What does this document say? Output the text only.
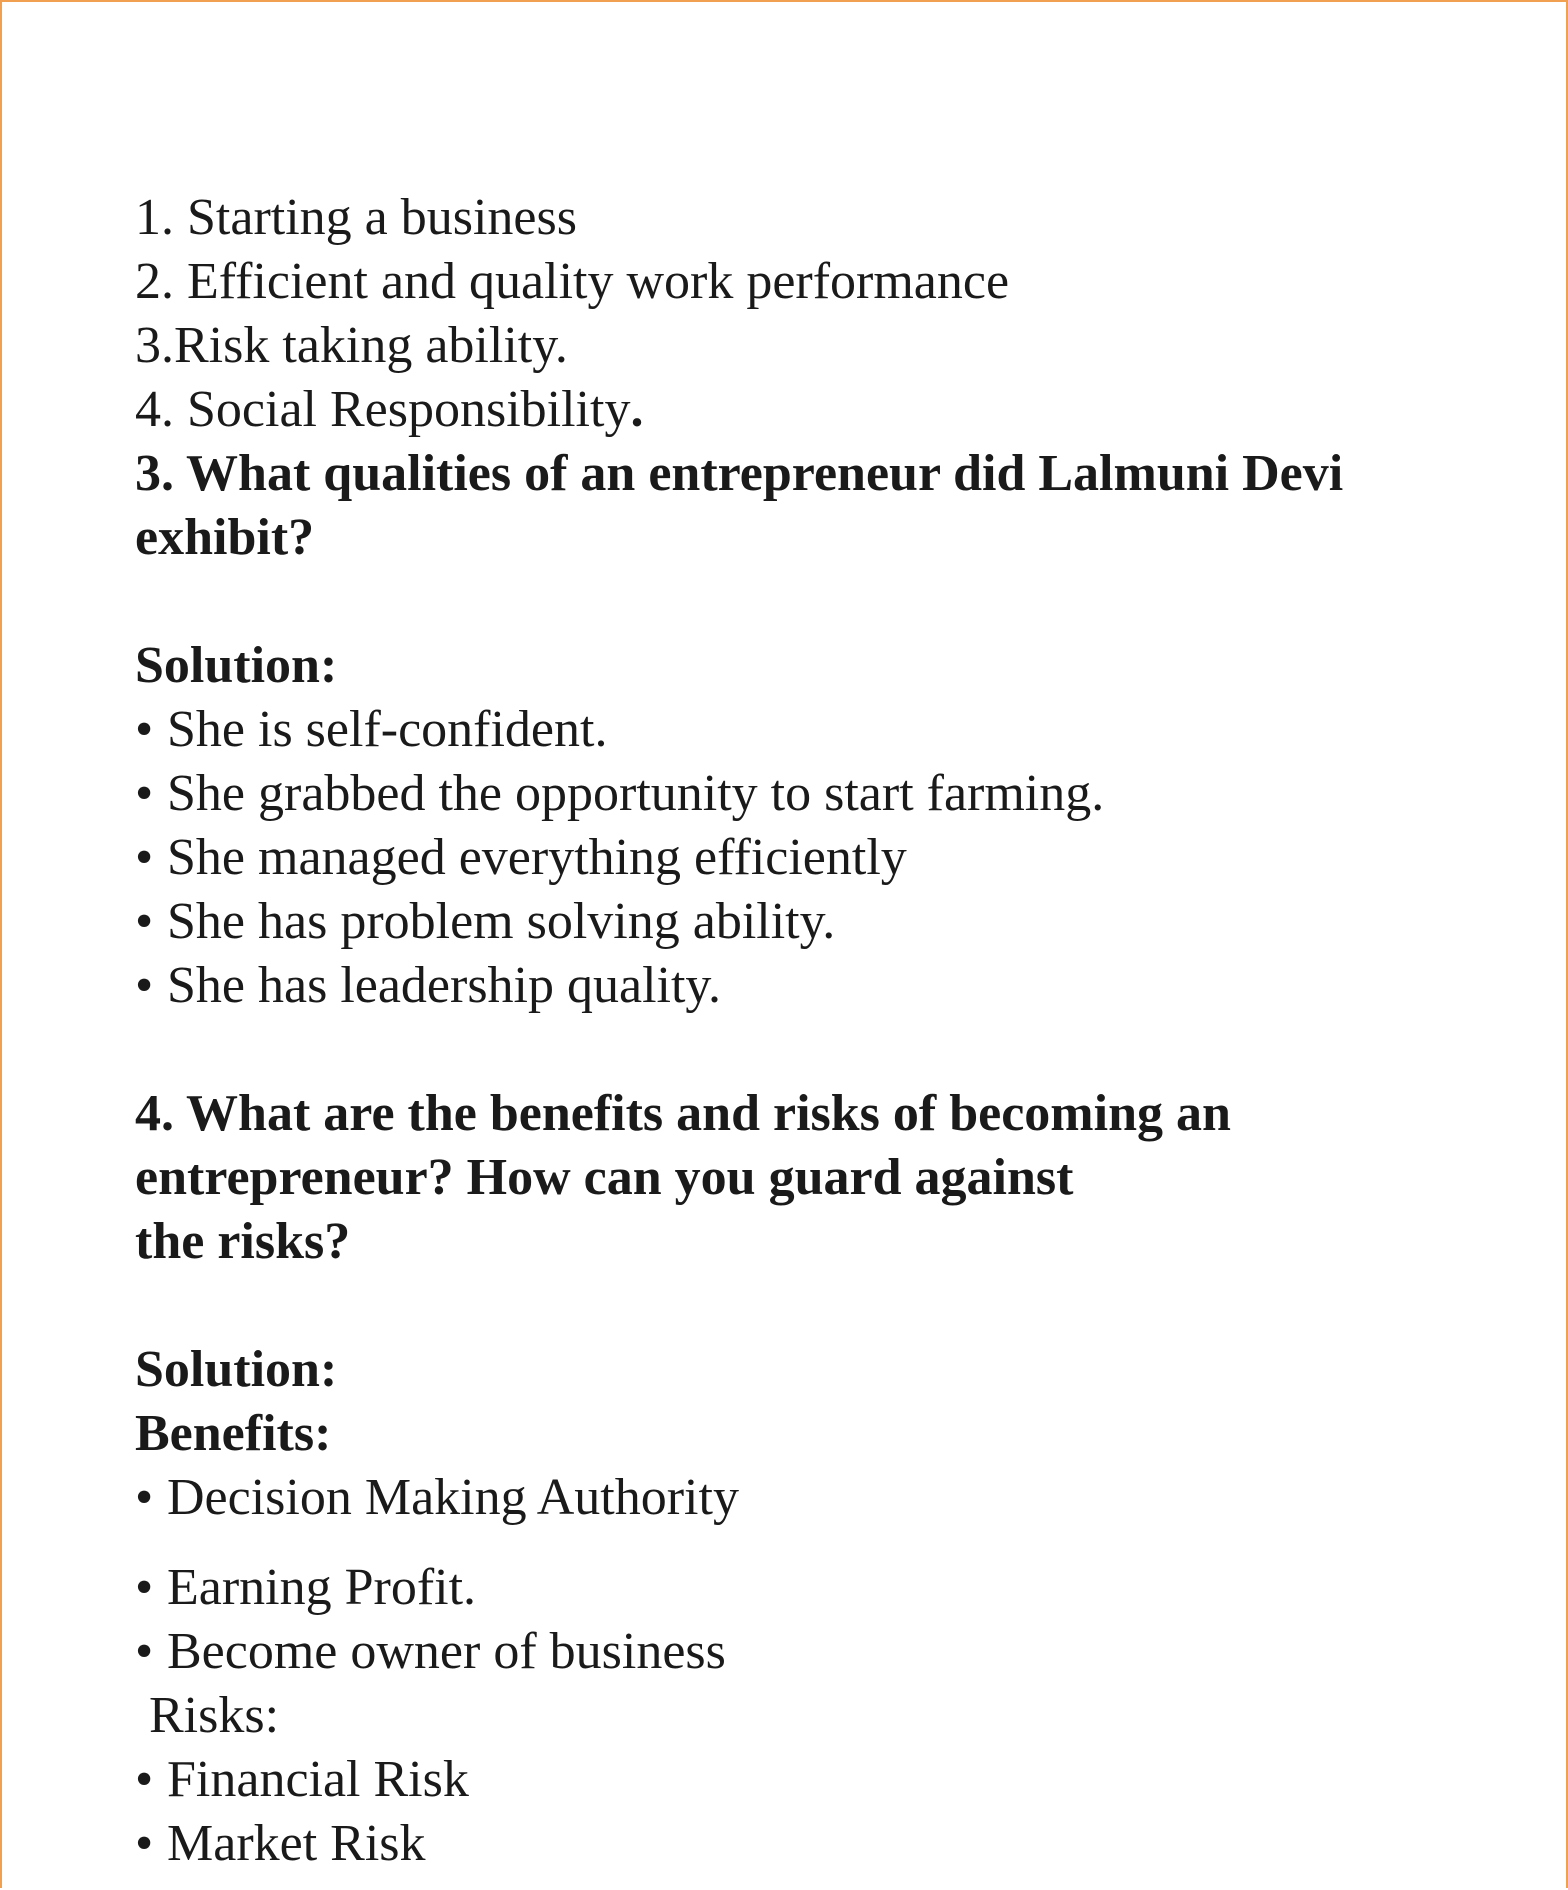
1. Starting a business
2. Efficient and quality work performance
3.Risk taking ability.
4. Social Responsibility.
3. What qualities of an entrepreneur did Lalmuni Devi
exhibit?
Solution:
• She is self-confident.
• She grabbed the opportunity to start farming.
• She managed everything efficiently
• She has problem solving ability.
• She has leadership quality.
4. What are the benefits and risks of becoming an
entrepreneur? How can you guard against
the risks?
Solution:
Benefits:
• Decision Making Authority
• Earning Profit.
• Become owner of business
Risks:
• Financial Risk
• Market Risk
